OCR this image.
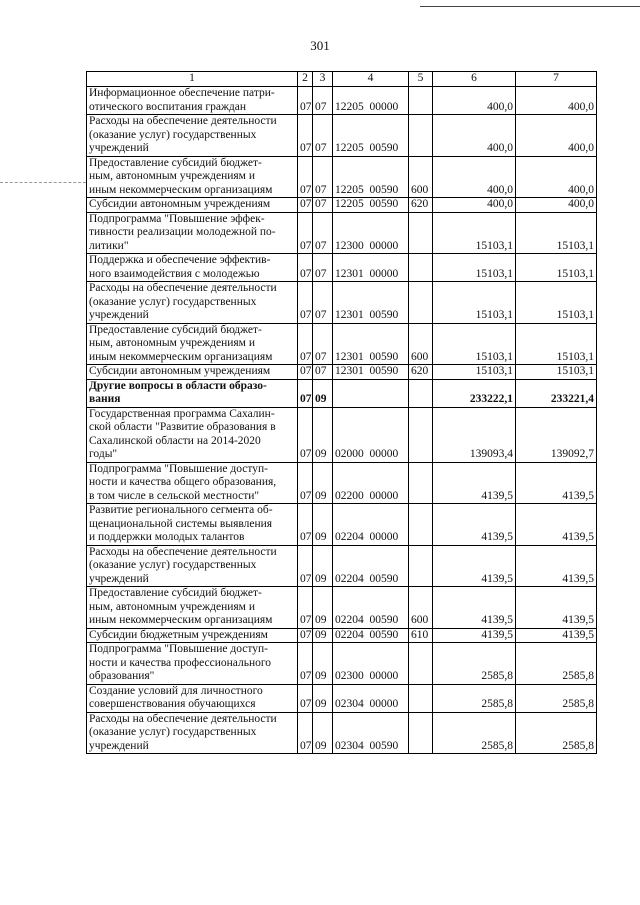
301
1	2	3	4	5	6	7
Информационное обеспечение патри-
отического воспитания граждан	07	07	12205  00000		400,0	400,0
Расходы на обеспечение деятельности
(оказание услуг) государственных
учреждений	07	07	12205  00590		400,0	400,0
Предоставление субсидий бюджет-
ным, автономным учреждениям и
иным некоммерческим организациям	07	07	12205  00590	600	400,0	400,0
Субсидии автономным учреждениям	07	07	12205  00590	620	400,0	400,0
Подпрограмма "Повышение эффек-
тивности реализации молодежной по-
литики"	07	07	12300  00000		15103,1	15103,1
Поддержка и обеспечение эффектив-
ного взаимодействия с молодежью	07	07	12301  00000		15103,1	15103,1
Расходы на обеспечение деятельности
(оказание услуг) государственных
учреждений	07	07	12301  00590		15103,1	15103,1
Предоставление субсидий бюджет-
ным, автономным учреждениям и
иным некоммерческим организациям	07	07	12301  00590	600	15103,1	15103,1
Субсидии автономным учреждениям	07	07	12301  00590	620	15103,1	15103,1
Другие вопросы в области образо-
вания	07	09			233222,1	233221,4
Государственная программа Сахалин-
ской области "Развитие образования в
Сахалинской области на 2014-2020
годы"	07	09	02000  00000		139093,4	139092,7
Подпрограмма "Повышение доступ-
ности и качества общего образования,
в том числе в сельской местности"	07	09	02200  00000		4139,5	4139,5
Развитие регионального сегмента об-
щенациональной системы выявления
и поддержки молодых талантов	07	09	02204  00000		4139,5	4139,5
Расходы на обеспечение деятельности
(оказание услуг) государственных
учреждений	07	09	02204  00590		4139,5	4139,5
Предоставление субсидий бюджет-
ным, автономным учреждениям и
иным некоммерческим организациям	07	09	02204  00590	600	4139,5	4139,5
Субсидии бюджетным учреждениям	07	09	02204  00590	610	4139,5	4139,5
Подпрограмма "Повышение доступ-
ности и качества профессионального
образования"	07	09	02300  00000		2585,8	2585,8
Создание условий для личностного
совершенствования обучающихся	07	09	02304  00000		2585,8	2585,8
Расходы на обеспечение деятельности
(оказание услуг) государственных
учреждений	07	09	02304  00590		2585,8	2585,8
